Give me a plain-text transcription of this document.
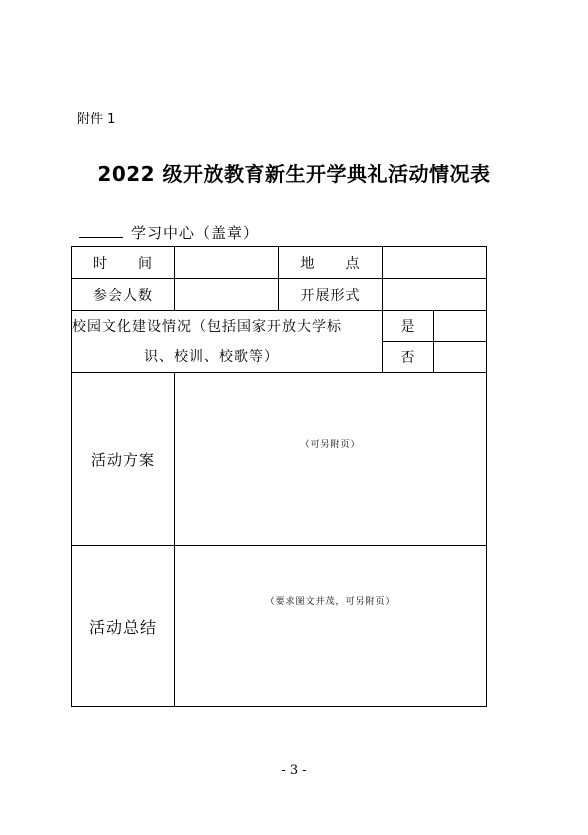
附件 1
2022 级开放教育新生开学典礼活动情况表
学习中心（盖章）
时　　间		地　　点		
参会人数		开展形式		

校园文化建设情况（包括国家开放大学标
识、校训、校歌等）			是	
			否	
活动方案	（可另附页）			

活动总结	（要求图文并茂，可另附页）			
- 3 -
